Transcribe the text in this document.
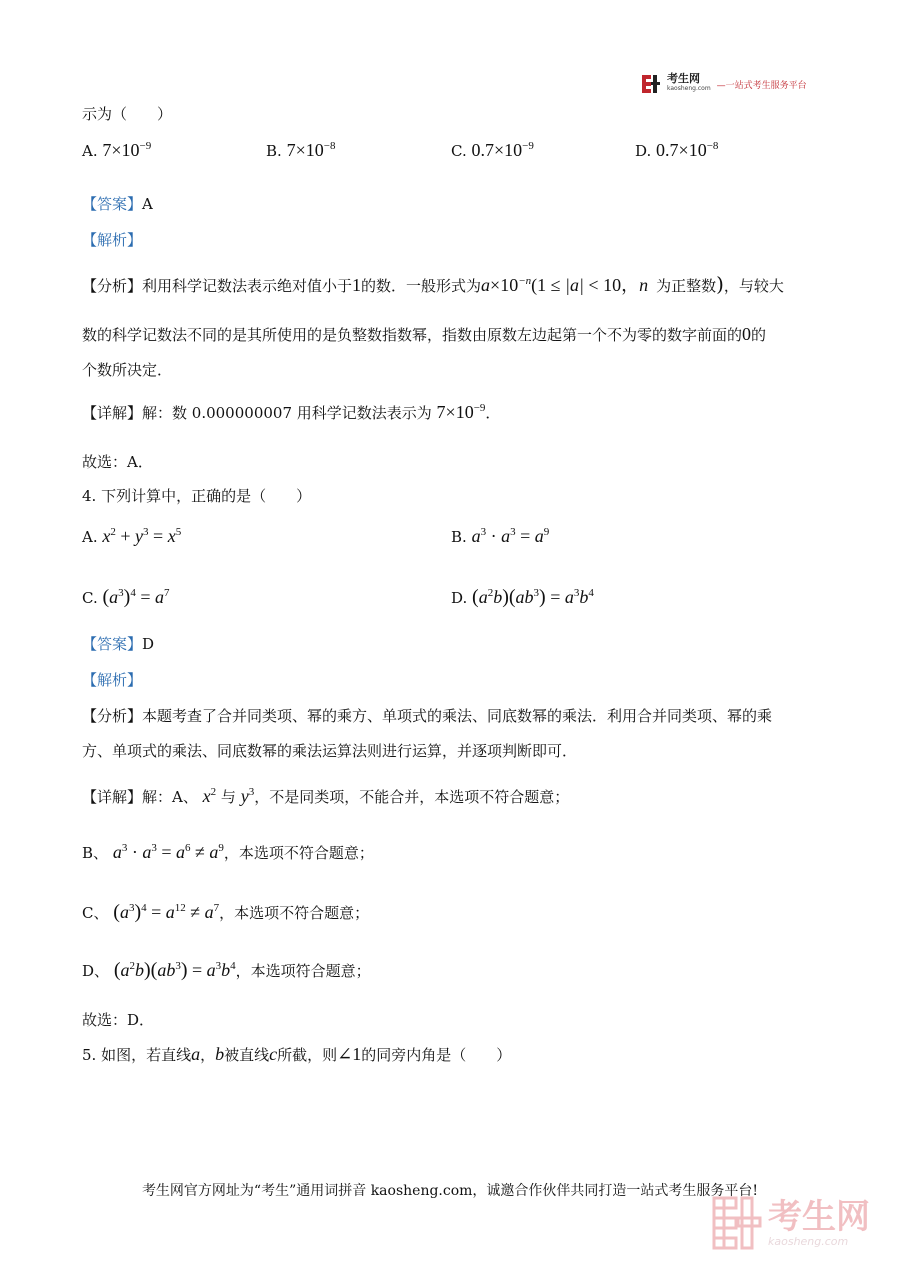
考生网
kaosheng.com —一站式考生服务平台
示为（　　）
A. $7\times 10^{-9}$	B. $7\times 10^{-8}$	C. $0.7\times 10^{-9}$	D. $0.7\times 10^{-8}$
【答案】A
【解析】
【分析】利用科学记数法表示绝对值小于1的数．一般形式为$a\times 10^{-n}(1 \le |a| < 10$，n 为正整数)，与较大
数的科学记数法不同的是其所使用的是负整数指数幂，指数由原数左边起第一个不为零的数字前面的0的
个数所决定．
【详解】解：数 0.000000007 用科学记数法表示为 $7\times 10^{-9}$．
故选：A．
4. 下列计算中，正确的是（　　）
A. $x^2 + y^3 = x^5$	B. $a^3 \cdot a^3 = a^9$
C. $(a^3)^4 = a^7$	D. $(a^2b)(ab^3) = a^3b^4$
【答案】D
【解析】
【分析】本题考查了合并同类项、幂的乘方、单项式的乘法、同底数幂的乘法．利用合并同类项、幂的乘
方、单项式的乘法、同底数幂的乘法运算法则进行运算，并逐项判断即可．
【详解】解：A、 $x^2$ 与 $y^3$，不是同类项，不能合并，本选项不符合题意；
B、 $a^3 \cdot a^3 = a^6 \ne a^9$，本选项不符合题意；
C、 $(a^3)^4 = a^{12} \ne a^7$，本选项不符合题意；
D、 $(a^2b)(ab^3) = a^3b^4$，本选项符合题意；
故选：D．
5. 如图，若直线a，b被直线c所截，则∠1的同旁内角是（　　）
考生网官方网址为“考生”通用词拼音 kaosheng.com，诚邀合作伙伴共同打造一站式考生服务平台!
考生网
kaosheng.com
